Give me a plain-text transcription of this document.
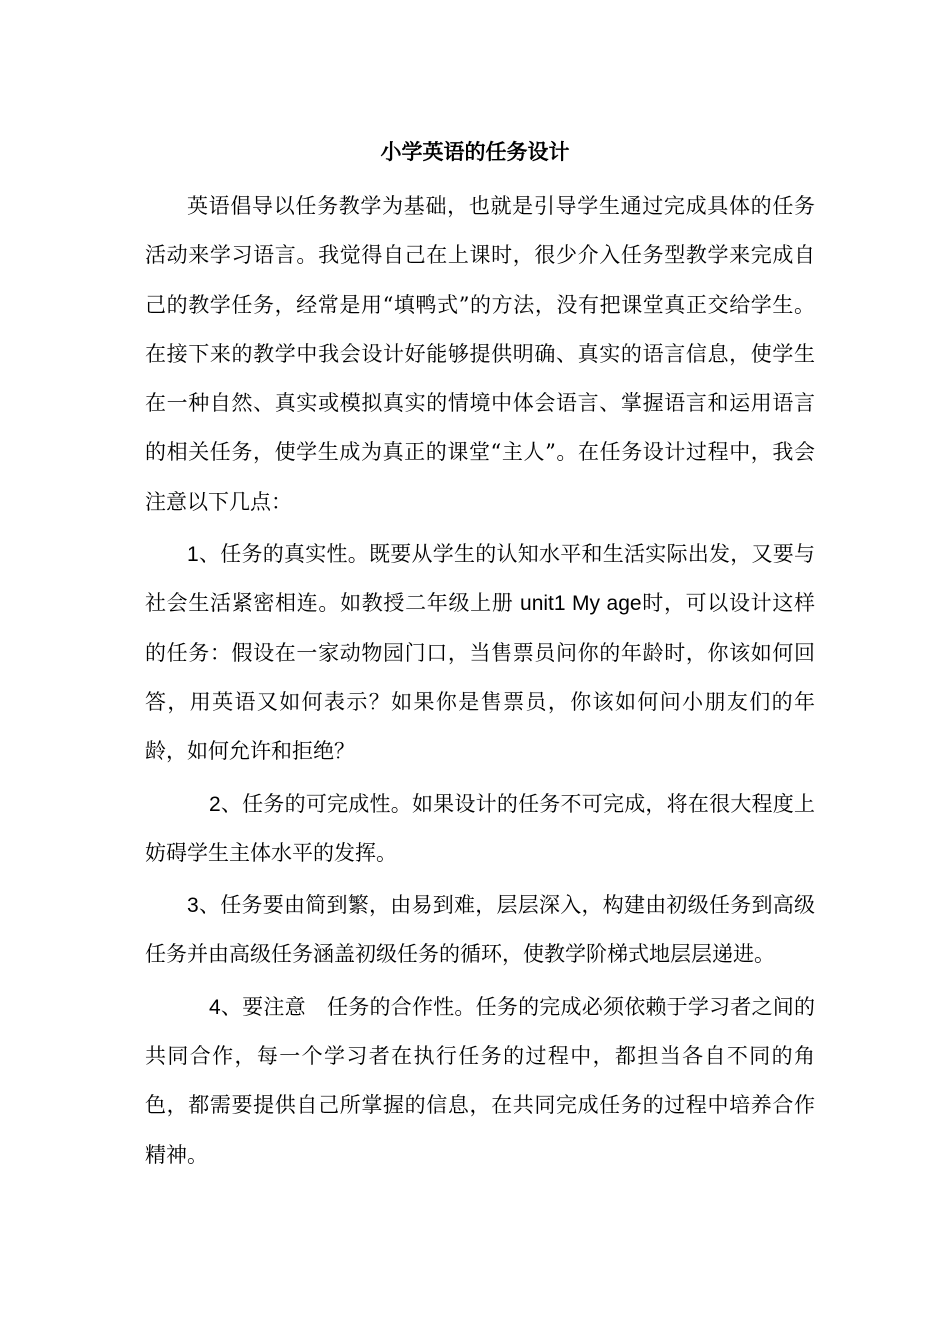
小学英语的任务设计

英语倡导以任务教学为基础，也就是引导学生通过完成具体的任务活动来学习语言。我觉得自己在上课时，很少介入任务型教学来完成自己的教学任务，经常是用“填鸭式”的方法，没有把课堂真正交给学生。在接下来的教学中我会设计好能够提供明确、真实的语言信息，使学生在一种自然、真实或模拟真实的情境中体会语言、掌握语言和运用语言的相关任务，使学生成为真正的课堂“主人”。在任务设计过程中，我会注意以下几点：

1、任务的真实性。既要从学生的认知水平和生活实际出发，又要与社会生活紧密相连。如教授二年级上册 unit1 My age时，可以设计这样的任务：假设在一家动物园门口，当售票员问你的年龄时，你该如何回答，用英语又如何表示？如果你是售票员，你该如何问小朋友们的年龄，如何允许和拒绝？

2、任务的可完成性。如果设计的任务不可完成，将在很大程度上妨碍学生主体水平的发挥。

3、任务要由简到繁，由易到难，层层深入，构建由初级任务到高级任务并由高级任务涵盖初级任务的循环，使教学阶梯式地层层递进。

4、要注意　任务的合作性。任务的完成必须依赖于学习者之间的共同合作，每一个学习者在执行任务的过程中，都担当各自不同的角色，都需要提供自己所掌握的信息，在共同完成任务的过程中培养合作精神。
